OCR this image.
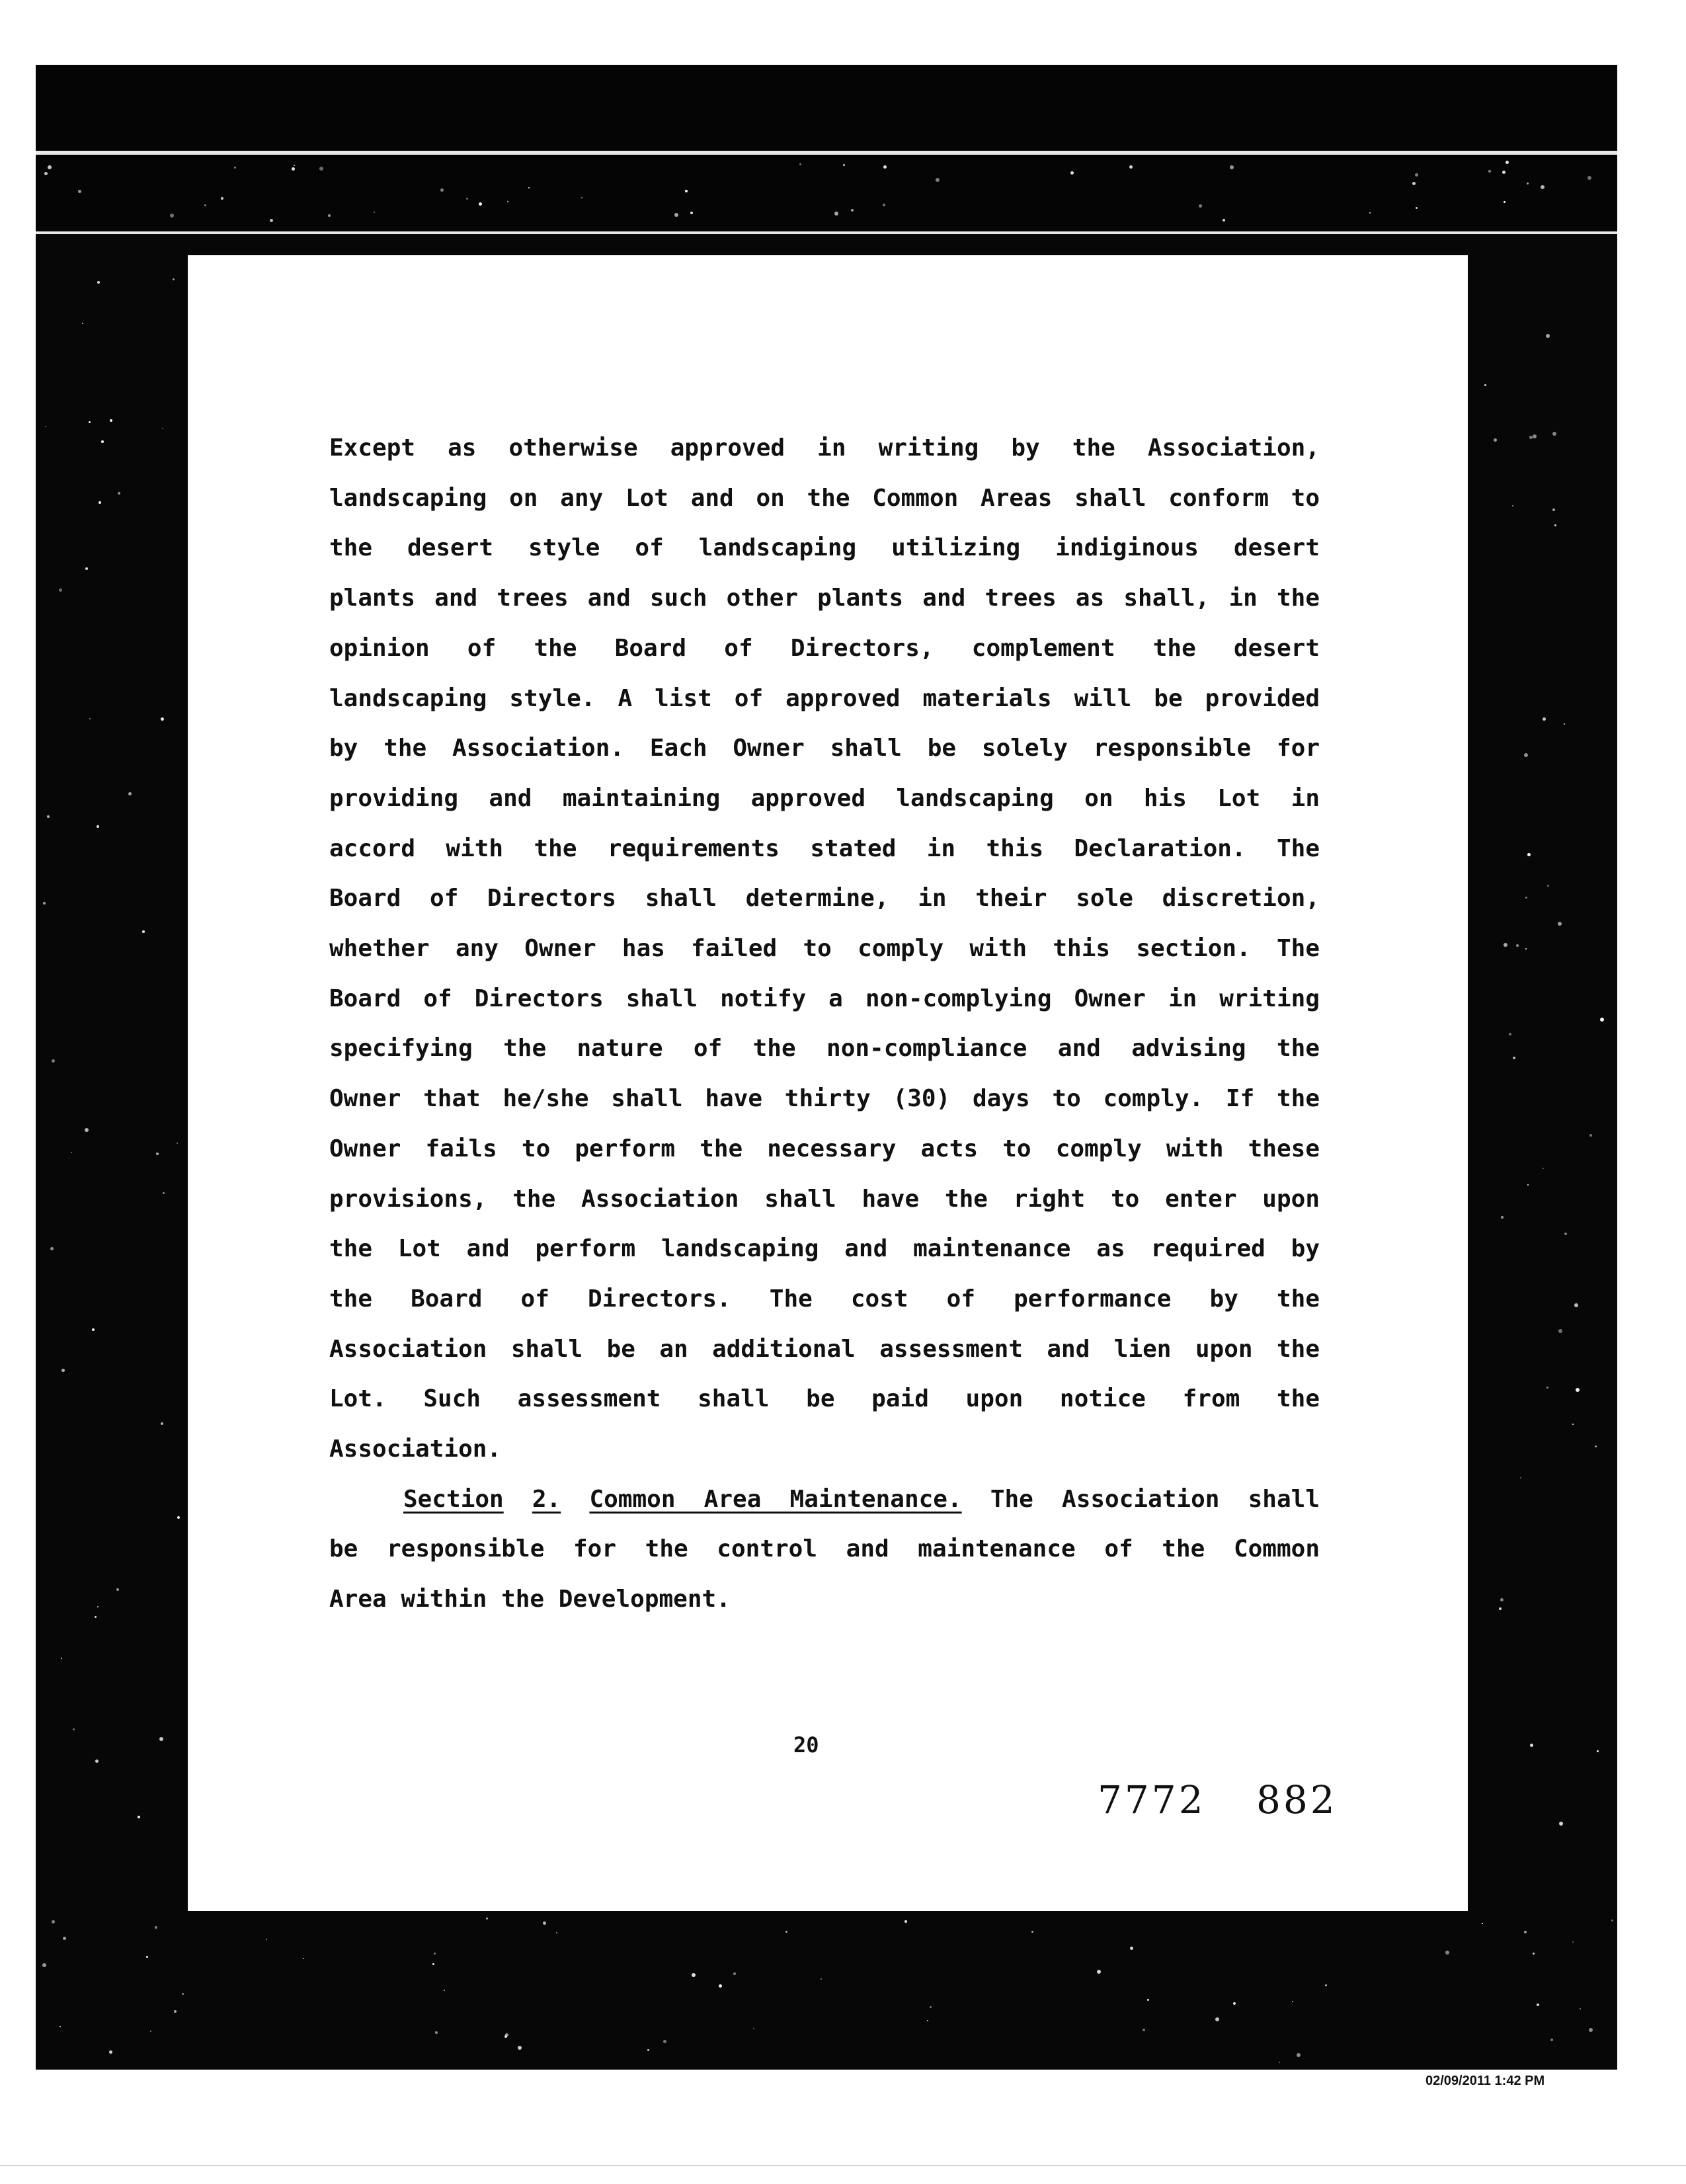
Except as otherwise approved in writing by the Association,
landscaping on any Lot and on the Common Areas shall conform to
the desert style of landscaping utilizing indiginous desert
plants and trees and such other plants and trees as shall, in the
opinion of the Board of Directors, complement the desert
landscaping style. A list of approved materials will be provided
by the Association. Each Owner shall be solely responsible for
providing and maintaining approved landscaping on his Lot in
accord with the requirements stated in this Declaration. The
Board of Directors shall determine, in their sole discretion,
whether any Owner has failed to comply with this section. The
Board of Directors shall notify a non-complying Owner in writing
specifying the nature of the non-compliance and advising the
Owner that he/she shall have thirty (30) days to comply. If the
Owner fails to perform the necessary acts to comply with these
provisions, the Association shall have the right to enter upon
the Lot and perform landscaping and maintenance as required by
the Board of Directors. The cost of performance by the
Association shall be an additional assessment and lien upon the
Lot. Such assessment shall be paid upon notice from the
Association.
Section 2. Common Area Maintenance. The Association shall
be responsible for the control and maintenance of the Common
Area within the Development.
20
7772 882
02/09/2011 1:42 PM
